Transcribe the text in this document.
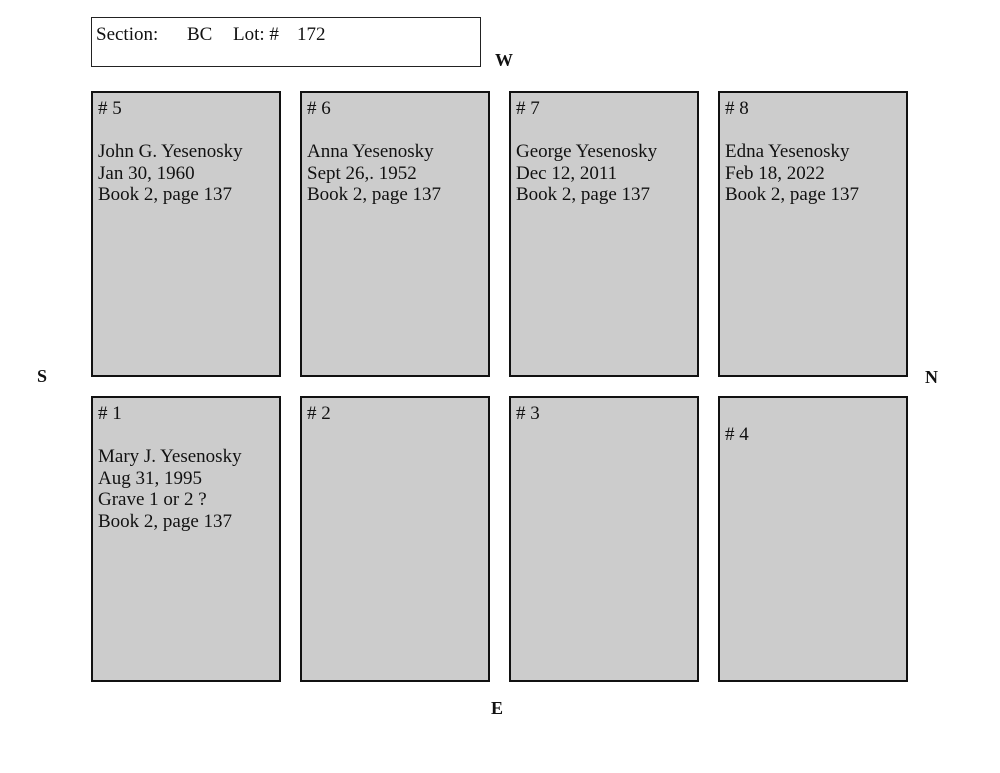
Section: BC Lot: # 172
W
E
S	N
# 5
John G. Yesenosky
Jan 30, 1960
Book 2, page 137
# 6
Anna Yesenosky
Sept 26,. 1952
Book 2, page 137
# 7
George Yesenosky
Dec 12, 2011
Book 2, page 137
# 8
Edna Yesenosky
Feb 18, 2022
Book 2, page 137
# 1
Mary J. Yesenosky
Aug 31, 1995
Grave 1 or 2 ?
Book 2, page 137
# 2	# 3
# 4
